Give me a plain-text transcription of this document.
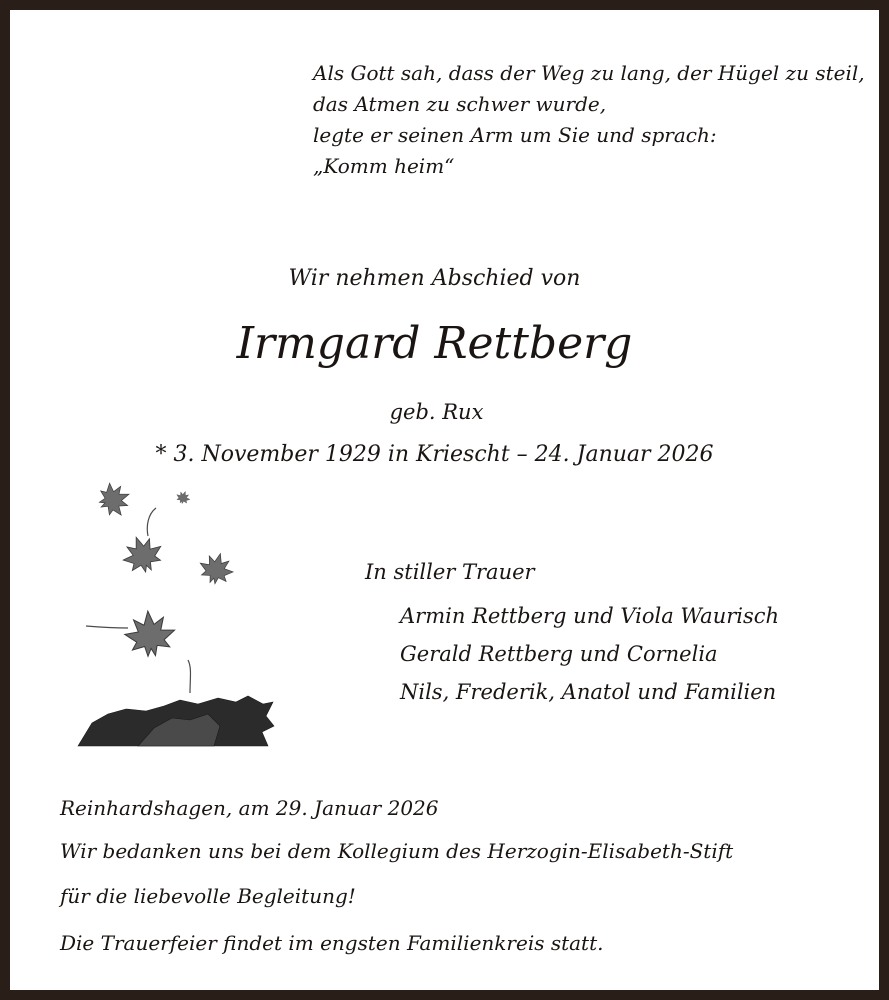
Als Gott sah, dass der Weg zu lang, der Hügel zu steil,
das Atmen zu schwer wurde,
legte er seinen Arm um Sie und sprach:
„Komm heim“
Wir nehmen Abschied von
Irmgard Rettberg
geb. Rux
* 3. November 1929 in Kriescht – 24. Januar 2026
In stiller Trauer
Armin Rettberg und Viola Waurisch
Gerald Rettberg und Cornelia
Nils, Frederik, Anatol und Familien
Reinhardshagen, am 29. Januar 2026
Wir bedanken uns bei dem Kollegium des Herzogin-Elisabeth-Stift
für die liebevolle Begleitung!
Die Trauerfeier findet im engsten Familienkreis statt.
